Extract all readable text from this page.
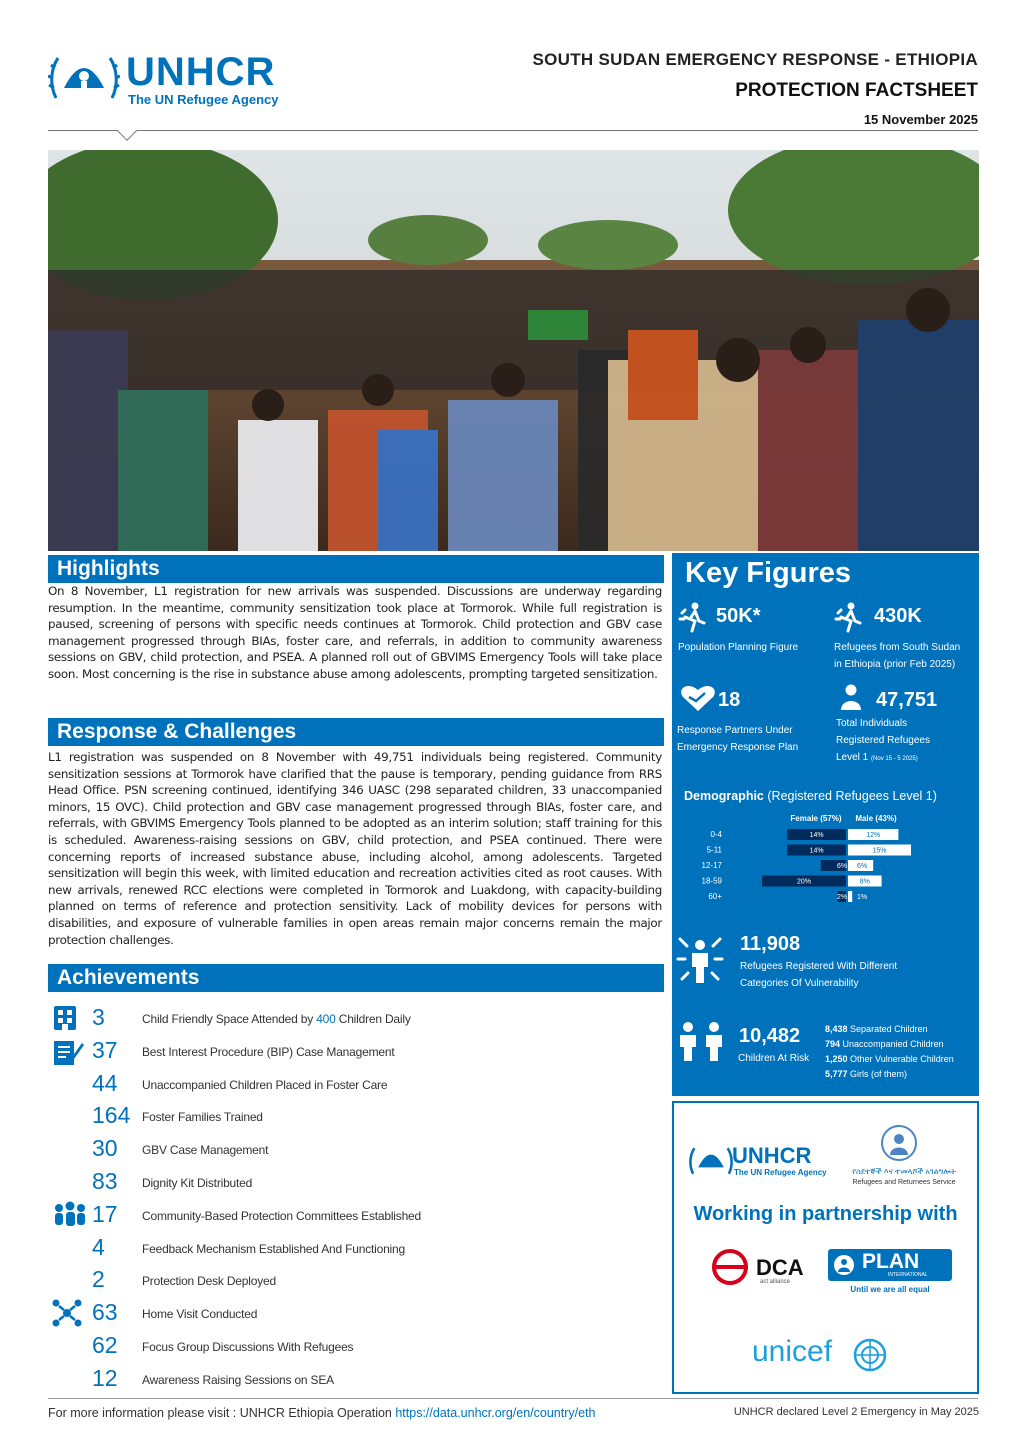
UNHCR
The UN Refugee Agency
SOUTH SUDAN EMERGENCY RESPONSE - ETHIOPIA
PROTECTION FACTSHEET
15 November 2025
Highlights
On 8 November, L1 registration for new arrivals was suspended. Discussions are underway regarding resumption. In the meantime, community sensitization took place at Tormorok. While full registration is paused, screening of persons with specific needs continues at Tormorok. Child protection and GBV case management progressed through BIAs, foster care, and referrals, in addition to community awareness sessions on GBV, child protection, and PSEA. A planned roll out of GBVIMS Emergency Tools will take place soon. Most concerning is the rise in substance abuse among adolescents, prompting targeted sensitization.
Response & Challenges
L1 registration was suspended on 8 November with 49,751 individuals being registered. Community sensitization sessions at Tormorok have clarified that the pause is temporary, pending guidance from RRS Head Office. PSN screening continued, identifying 346 UASC (298 separated children, 33 unaccompanied minors, 15 OVC). Child protection and GBV case management progressed through BIAs, foster care, and referrals, with GBVIMS Emergency Tools planned to be adopted as an interim solution; staff training for this is scheduled. Awareness-raising sessions on GBV, child protection, and PSEA continued. There were concerning reports of increased substance abuse, including alcohol, among adolescents. Targeted sensitization will begin this week, with limited education and recreation activities cited as root causes. With new arrivals, renewed RCC elections were completed in Tormorok and Luakdong, with capacity-building planned on terms of reference and protection sensitivity. Lack of mobility devices for persons with disabilities, and exposure of vulnerable families in open areas remain major concerns remain the major protection challenges.
Achievements
3	Child Friendly Space Attended by 400 Children Daily
37	Best Interest Procedure (BIP) Case Management
44	Unaccompanied Children Placed in Foster Care
164 Foster Families Trained
30	GBV Case Management
83	Dignity Kit Distributed
17	Community-Based Protection Committees Established
4	Feedback Mechanism Established And Functioning
2	Protection Desk Deployed
63	Home Visit Conducted
62	Focus Group Discussions With Refugees
12	Awareness Raising Sessions on SEA
Key Figures
50K*
Population Planning Figure
430K
Refugees from South Sudan
in Ethiopia (prior Feb 2025)
18
Response Partners Under
Emergency Response Plan
47,751
Total Individuals
Registered Refugees
Level 1 (Nov 15 - 5 2025)
Demographic (Registered Refugees Level 1)
Female (57%) Male (43%)
0-4	14%	12%
5-11	14%	15%
12-17	6% 6%
18-59	20%	8%
60+	2% 1%
11,908
Refugees Registered With Different
Categories Of Vulnerability
10,482
Children At Risk
8,438 Separated Children
794 Unaccompanied Children
1,250 Other Vulnerable Children
5,777 Girls (of them)
UNHCR
The UN Refugee Agency	የስደተኞች እና ተመላሾች አገልግሎት
Refugees and Returnees Service
Working in partnership with
DCA
act alliance
PLAN
INTERNATIONAL
Until we are all equal
unicef
For more information please visit : UNHCR Ethiopia Operation https://data.unhcr.org/en/country/eth	UNHCR declared Level 2 Emergency in May 2025
